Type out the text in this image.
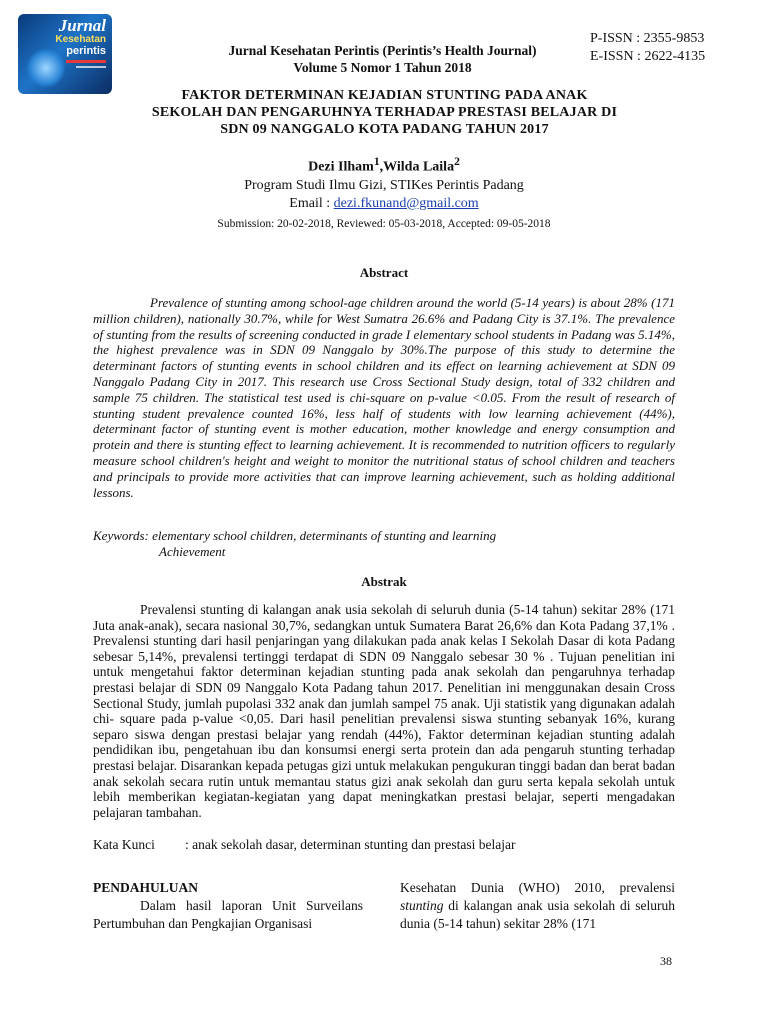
Jurnal
Kesehatan
perintis
P-ISSN : 2355-9853
E-ISSN : 2622-4135
Jurnal Kesehatan Perintis (Perintis’s Health Journal)
Volume 5 Nomor 1 Tahun 2018
FAKTOR DETERMINAN KEJADIAN STUNTING PADA ANAK
SEKOLAH DAN PENGARUHNYA TERHADAP PRESTASI BELAJAR DI
SDN 09 NANGGALO KOTA PADANG TAHUN 2017
Dezi Ilham$^1$,Wilda Laila$^2$
Program Studi Ilmu Gizi, STIKes Perintis Padang
Email : dezi.fkunand@gmail.com
Submission: 20-02-2018, Reviewed: 05-03-2018, Accepted: 09-05-2018
Abstract
Prevalence of stunting among school-age children around the world (5-14 years) is about 28% (171 million children), nationally 30.7%, while for West Sumatra 26.6% and Padang City is 37.1%. The prevalence of stunting from the results of screening conducted in grade I elementary school students in Padang was 5.14%, the highest prevalence was in SDN 09 Nanggalo by 30%.The purpose of this study to determine the determinant factors of stunting events in school children and its effect on learning achievement at SDN 09 Nanggalo Padang City in 2017. This research use Cross Sectional Study design, total of 332 children and sample 75 children. The statistical test used is chi-square on p-value <0.05. From the result of research of stunting student prevalence counted 16%, less half of students with low learning achievement (44%), determinant factor of stunting event is mother education, mother knowledge and energy consumption and protein and there is stunting effect to learning achievement. It is recommended to nutrition officers to regularly measure school children's height and weight to monitor the nutritional status of school children and teachers and principals to provide more activities that can improve learning achievement, such as holding additional lessons.
Keywords: elementary school children, determinants of stunting and learning
Achievement
Abstrak
Prevalensi stunting di kalangan anak usia sekolah di seluruh dunia (5-14 tahun) sekitar 28% (171 Juta anak-anak), secara nasional 30,7%, sedangkan untuk Sumatera Barat 26,6% dan Kota Padang 37,1% . Prevalensi stunting dari hasil penjaringan yang dilakukan pada anak kelas I Sekolah Dasar di kota Padang sebesar 5,14%, prevalensi tertinggi terdapat di SDN 09 Nanggalo sebesar 30 % . Tujuan penelitian ini untuk mengetahui faktor determinan kejadian stunting pada anak sekolah dan pengaruhnya terhadap prestasi belajar di SDN 09 Nanggalo Kota Padang tahun 2017. Penelitian ini menggunakan desain Cross Sectional Study, jumlah pupolasi 332 anak dan jumlah sampel 75 anak. Uji statistik yang digunakan adalah chi- square pada p-value <0,05. Dari hasil penelitian prevalensi siswa stunting sebanyak 16%, kurang separo siswa dengan prestasi belajar yang rendah (44%), Faktor determinan kejadian stunting adalah pendidikan ibu, pengetahuan ibu dan konsumsi energi serta protein dan ada pengaruh stunting terhadap prestasi belajar. Disarankan kepada petugas gizi untuk melakukan pengukuran tinggi badan dan berat badan anak sekolah secara rutin untuk memantau status gizi anak sekolah dan guru serta kepala sekolah untuk lebih memberikan kegiatan-kegiatan yang dapat meningkatkan prestasi belajar, seperti mengadakan pelajaran tambahan.
Kata Kunci : anak sekolah dasar, determinan stunting dan prestasi belajar
PENDAHULUAN
Dalam hasil laporan Unit Surveilans Pertumbuhan dan Pengkajian Organisasi
Kesehatan Dunia (WHO) 2010, prevalensi stunting di kalangan anak usia sekolah di seluruh dunia (5-14 tahun) sekitar 28% (171
38
